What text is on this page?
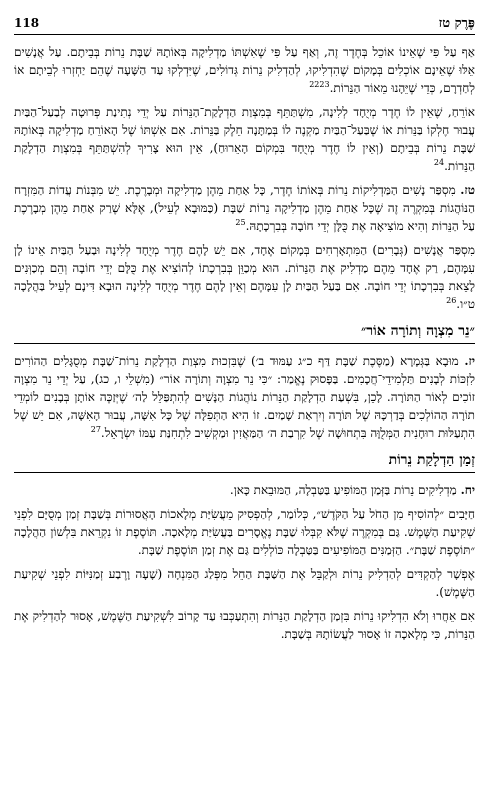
פֶּרֶק טז
118

אַף עַל פִּי שֶׁאֵינוֹ אוֹכֵל בְּחֶדֶר זֶה, וְאַף עַל פִּי שֶׁאִשְׁתּוֹ מַדְלִיקָה בְּאוֹתָהּ שַׁבָּת נֵרוֹת בְּבֵיתָם. עַל אֲנָשִׁים אֵלּוּ שֶׁאֵינָם אוֹכְלִים בְּמָקוֹם שֶׁהִדְלִיקוּ, לְהַדְלִיק נֵרוֹת גְּדוֹלִים, שֶׁיִּדְלְקוּ עַד הַשָּׁעָה שֶׁהֵם יַחְזְרוּ לְבֵיתָם אוֹ לְחַדְרָם, כְּדֵי שֶׁיֵּהָנוּ מֵאוֹר הַנֵּרוֹת.$^{2223}$

אוֹרֵחַ, שֶׁאֵין לוֹ חֶדֶר מְיֻחָד לְלִינָה, מִשְׁתַּתֵּף בְּמִצְוַת הַדְלָקַת־הַנֵּרוֹת עַל יְדֵי נְתִינַת פְּרוּטָה לְבַעַל־הַבַּיִת עֲבוּר חֶלְקוֹ בַּנֵּרוֹת אוֹ שֶׁבַּעַל־הַבַּיִת מַקְנֶה לוֹ בְּמַתָּנָה חֵלֶק בַּנֵּרוֹת. אִם אִשְׁתּוֹ שֶׁל הָאוֹרֵחַ מַדְלִיקָה בְּאוֹתָהּ שַׁבָּת נֵרוֹת בְּבֵיתָם (וְאֵין לוֹ חֶדֶר מְיֻחָד בִּמְקוֹם הָאֵרוּחַ), אֵין הוּא צָרִיךְ לְהִשְׁתַּתֵּף בְּמִצְוַת הַדְלָקַת הַנֵּרוֹת.$^{24}$

טז. מִסְפַּר נָשִׁים הַמַּדְלִיקוֹת נֵרוֹת בְּאוֹתוֹ חֶדֶר, כָּל אַחַת מֵהֶן מַדְלִיקָה וּמְבָרֶכֶת. יֵשׁ מִבְּנוֹת עֲדוֹת הַמִּזְרָח הַנּוֹהֲגוֹת בְּמִקְרֶה זֶה שֶׁכָּל אַחַת מֵהֶן מַדְלִיקָה נֵרוֹת שַׁבָּת (כַּמּוּבָא לְעֵיל), אֶלָּא שֶׁרַק אַחַת מֵהֶן מְבָרֶכֶת עַל הַנֵּרוֹת וְהִיא מוֹצִיאָה אֶת כֻּלָּן יְדֵי חוֹבָה בְּבִרְכָתָהּ.$^{25}$

מִסְפַּר אֲנָשִׁים (גְּבָרִים) הַמִּתְאָרְחִים בְּמָקוֹם אֶחָד, אִם יֵשׁ לָהֶם חֶדֶר מְיֻחָד לְלִינָה וּבַעַל הַבַּיִת אֵינוֹ לָן עִמָּהֶם, רַק אֶחָד מֵהֶם מַדְלִיק אֶת הַנֵּרוֹת. הוּא מְכַוֵּן בְּבִרְכָתוֹ לְהוֹצִיא אֶת כֻּלָּם יְדֵי חוֹבָה וְהֵם מְכַוְּנִים לָצֵאת בְּבִרְכָתוֹ יְדֵי חוֹבָה. אִם בַּעַל הַבַּיִת לָן עִמָּהֶם וְאֵין לָהֶם חֶדֶר מְיֻחָד לְלִינָה הוּבָא דִּינָם לְעֵיל בַּהֲלָכָה ט״ו.$^{26}$

״נֵר מִצְוָה וְתוֹרָה אוֹר״

יז. מוּבָא בַּגְּמָרָא (מַסֶּכֶת שַׁבָּת דַּף כ״ג עַמּוּד ב׳) שֶׁבִּזְכוּת מִצְוַת הַדְלָקַת נֵרוֹת־שַׁבָּת מְסֻגָּלִים הַהוֹרִים לִזְכּוֹת לְבָנִים תַּלְמִידֵי־חֲכָמִים. בַּפָּסוּק נֶאֱמַר: ״כִּי נֵר מִצְוָה וְתוֹרָה אוֹר״ (מִשְׁלֵי ו, כג), עַל יְדֵי נֵר מִצְוָה זוֹכִים לְאוֹר הַתּוֹרָה. לָכֵן, בִּשְׁעַת הַדְלָקַת הַנֵּרוֹת נוֹהֲגוֹת הַנָּשִׁים לְהִתְפַּלֵּל לַה׳ שֶׁיְּזַכֶּה אוֹתָן בְּבָנִים לוֹמְדֵי תוֹרָה הַהוֹלְכִים בְּדַרְכָּהּ שֶׁל תּוֹרָה וְיִרְאַת שָׁמַיִם. זוֹ הִיא הַתְּפִלָּה שֶׁל כָּל אִשָּׁה, עֲבוּר הָאִשָּׁה, אִם יֵשׁ שֶׁל הִתְעַלּוּת רוּחָנִית הַמְּלֻוָּה בִּתְחוּשָׁה שֶׁל קִרְבַת ה׳ הַמַּאֲזִין וּמַקְשִׁיב לִתְחִנַּת עַמּוֹ יִשְׂרָאֵל.$^{27}$

זְמַן הַדְלָקַת נֵרוֹת

יח. מַדְלִיקִים נֵרוֹת בַּזְּמַן הַמּוֹפִיעַ בַּטַּבְלָה, הַמּוּבֵאת כָּאן.

חַיָּבִים ״לְהוֹסִיף מִן הַחֹל עַל הַקֹּדֶשׁ״, כְּלוֹמַר, לְהַפְסִיק מֵעֲשִׂיַּת מְלָאכוֹת הָאֲסוּרוֹת בְּשַׁבָּת זְמַן מְסֻיָּם לִפְנֵי שְׁקִיעַת הַשֶּׁמֶשׁ. גַּם בְּמִקְרֶה שֶׁלֹּא קִבְּלוּ שַׁבָּת נֶאֱסָרִים בַּעֲשִׂיַּת מְלָאכָה. תּוֹסֶפֶת זוֹ נִקְרֵאת בִּלְשׁוֹן הַהֲלָכָה ״תּוֹסֶפֶת שַׁבָּת״. הַזְּמַנִּים הַמּוֹפִיעִים בַּטַּבְלָה כּוֹלְלִים גַּם אֶת זְמַן תּוֹסֶפֶת שַׁבָּת.

אֶפְשָׁר לְהַקְדִּים לְהַדְלִיק נֵרוֹת וּלְקַבֵּל אֶת הַשַּׁבָּת הַחֵל מִפְּלַג הַמִּנְחָה (שָׁעָה וָרֶבַע זְמַנִּיּוֹת לִפְנֵי שְׁקִיעַת הַשֶּׁמֶשׁ).

אִם אֵחֲרוּ וְלֹא הִדְלִיקוּ נֵרוֹת בִּזְמַן הַדְלָקַת הַנֵּרוֹת וְהִתְעַכְּבוּ עַד קָרוֹב לִשְׁקִיעַת הַשֶּׁמֶשׁ, אָסוּר לְהַדְלִיק אֶת הַנֵּרוֹת, כִּי מְלָאכָה זוֹ אָסוּר לַעֲשׂוֹתָהּ בְּשַׁבָּת.
